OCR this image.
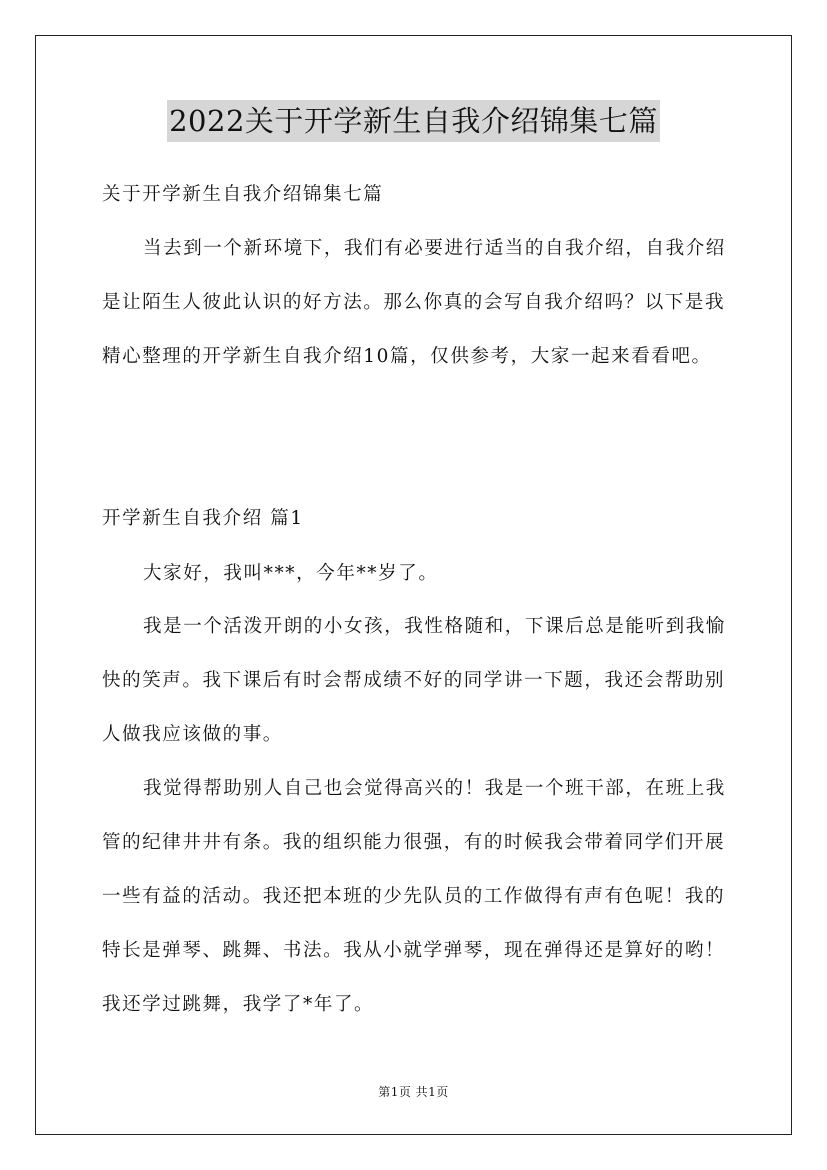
2022关于开学新生自我介绍锦集七篇
关于开学新生自我介绍锦集七篇
当去到一个新环境下，我们有必要进行适当的自我介绍，自我介绍是让陌生人彼此认识的好方法。那么你真的会写自我介绍吗？以下是我精心整理的开学新生自我介绍10篇，仅供参考，大家一起来看看吧。
开学新生自我介绍 篇1
大家好，我叫***，今年**岁了。
我是一个活泼开朗的小女孩，我性格随和，下课后总是能听到我愉快的笑声。我下课后有时会帮成绩不好的同学讲一下题，我还会帮助别人做我应该做的事。
我觉得帮助别人自己也会觉得高兴的！我是一个班干部，在班上我管的纪律井井有条。我的组织能力很强，有的时候我会带着同学们开展一些有益的活动。我还把本班的少先队员的工作做得有声有色呢！我的特长是弹琴、跳舞、书法。我从小就学弹琴，现在弹得还是算好的哟！我还学过跳舞，我学了*年了。
第1页 共1页
